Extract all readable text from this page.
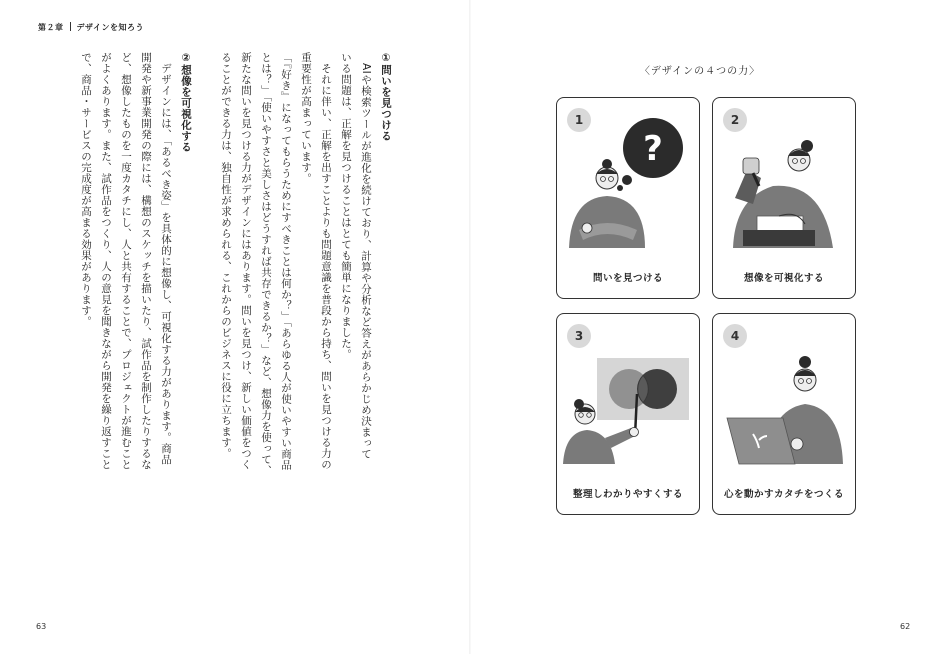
第２章 デザインを知ろう

①問いを見つける

　AIや検索ツールが進化を続けており、計算や分析など答えがあらかじめ決まって

いる問題は、正解を見つけることはとても簡単になりました。

　それに伴い、正解を出すことよりも問題意識を普段から持ち、問いを見つける力の

重要性が高まっています。

「『好き』になってもらうためにすべきことは何か？」「あらゆる人が使いやすい商品

とは？」「使いやすさと美しさはどうすれば共存できるか？」など、想像力を使って、

新たな問いを見つける力がデザインにはあります。問いを見つけ、新しい価値をつく

ることができる力は、独自性が求められる、これからのビジネスに役に立ちます。

②想像を可視化する

　デザインには、「あるべき姿」を具体的に想像し、可視化する力があります。商品

開発や新事業開発の際には、構想のスケッチを描いたり、試作品を制作したりするな

ど、想像したものを一度カタチにし、人と共有することで、プロジェクトが進むこと

がよくあります。また、試作品をつくり、人の意見を聞きながら開発を繰り返すこと

で、商品・サービスの完成度が高まる効果があります。

63
〈デザインの４つの力〉
1
?
問いを見つける
2
想像を可視化する
3
整理しわかりやすくする
4
心を動かすカタチをつくる
62
